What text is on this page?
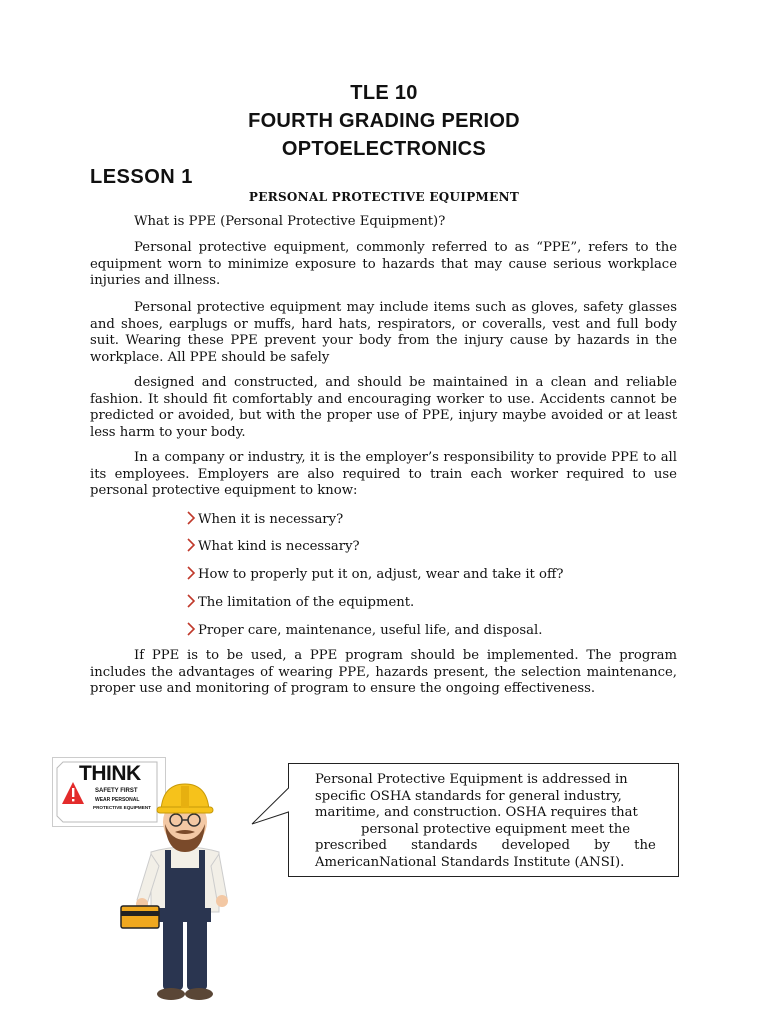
TLE 10
FOURTH GRADING PERIOD
OPTOELECTRONICS
LESSON 1
PERSONAL PROTECTIVE EQUIPMENT
What is PPE (Personal Protective Equipment)?
Personal protective equipment, commonly referred to as “PPE”, refers to the equipment worn to minimize exposure to hazards that may cause serious workplace injuries and illness.
Personal protective equipment may include items such as gloves, safety glasses and shoes, earplugs or muffs, hard hats, respirators, or coveralls, vest and full body suit. Wearing these PPE prevent your body from the injury cause by hazards in the workplace. All PPE should be safely
designed and constructed, and should be maintained in a clean and reliable fashion. It should fit comfortably and encouraging worker to use. Accidents cannot be predicted or avoided, but with the proper use of PPE, injury maybe avoided or at least less harm to your body.
In a company or industry, it is the employer’s responsibility to provide PPE to all its employees. Employers are also required to train each worker required to use personal protective equipment to know:
When it is necessary?
What kind is necessary?
How to properly put it on, adjust, wear and take it off?
The limitation of the equipment.
Proper care, maintenance, useful life, and disposal.
If PPE is to be used, a PPE program should be implemented. The program includes the advantages of wearing PPE, hazards present, the selection maintenance, proper use and monitoring of program to ensure the ongoing effectiveness.
THINK
SAFETY FIRST
WEAR PERSONAL
PROTECTIVE EQUIPMENT
Personal Protective Equipment is addressed in
specific OSHA standards for general industry,
maritime, and construction. OSHA requires that
personal protective equipment meet the
prescribed standards developed by the
AmericanNational Standards Institute (ANSI).
